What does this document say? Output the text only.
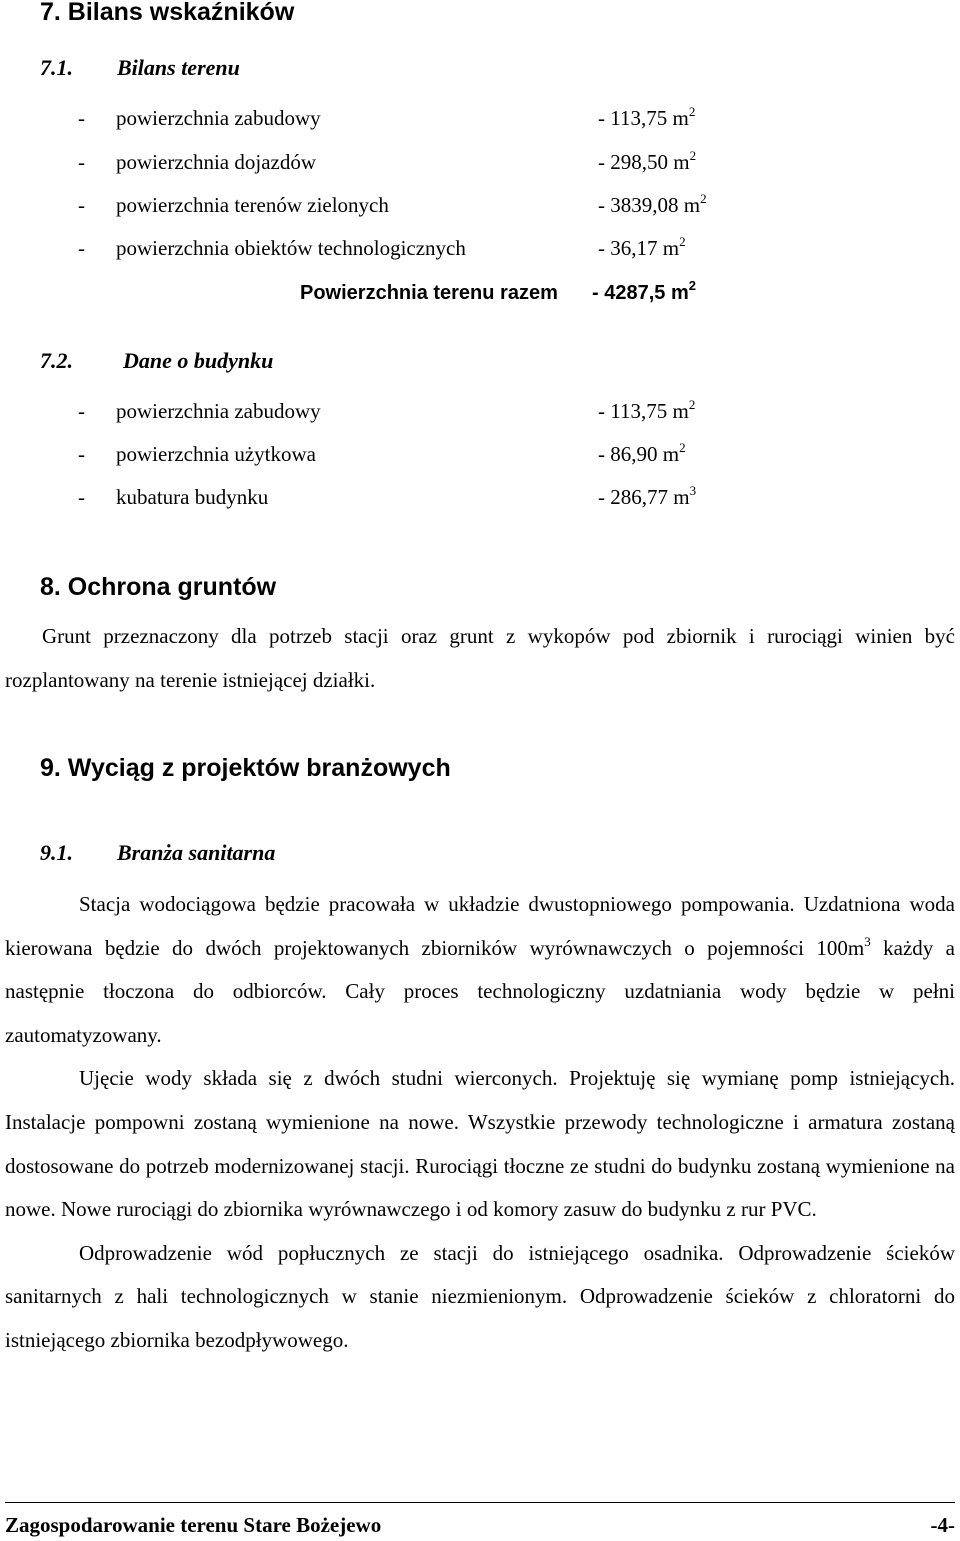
7. Bilans wskaźników
7.1. Bilans terenu
- powierzchnia zabudowy	- 113,75 $m^2$
- powierzchnia dojazdów	- 298,50 $m^2$
- powierzchnia terenów zielonych	- 3839,08 $m^2$
- powierzchnia obiektów technologicznych	- 36,17 $m^2$
Powierzchnia terenu razem - 4287,5 $m^2$
7.2. Dane o budynku
- powierzchnia zabudowy	- 113,75 $m^2$
- powierzchnia użytkowa	- 86,90 $m^2$
- kubatura budynku	- 286,77 $m^3$
8. Ochrona gruntów

Grunt przeznaczony dla potrzeb stacji oraz grunt z wykopów pod zbiornik i rurociągi winien być rozplantowany na terenie istniejącej działki.

9. Wyciąg z projektów branżowych
9.1. Branża sanitarna

Stacja wodociągowa będzie pracowała w układzie dwustopniowego pompowania. Uzdatniona woda kierowana będzie do dwóch projektowanych zbiorników wyrównawczych o pojemności $100m^3$ każdy a następnie tłoczona do odbiorców. Cały proces technologiczny uzdatniania wody będzie w pełni zautomatyzowany.

Ujęcie wody składa się z dwóch studni wierconych. Projektuję się wymianę pomp istniejących. Instalacje pompowni zostaną wymienione na nowe. Wszystkie przewody technologiczne i armatura zostaną dostosowane do potrzeb modernizowanej stacji. Rurociągi tłoczne ze studni do budynku zostaną wymienione na nowe. Nowe rurociągi do zbiornika wyrównawczego i od komory zasuw do budynku z rur PVC.

Odprowadzenie wód popłucznych ze stacji do istniejącego osadnika. Odprowadzenie ścieków sanitarnych z hali technologicznych w stanie niezmienionym. Odprowadzenie ścieków z chloratorni do istniejącego zbiornika bezodpływowego.

Zagospodarowanie terenu Stare Bożejewo	-4-
